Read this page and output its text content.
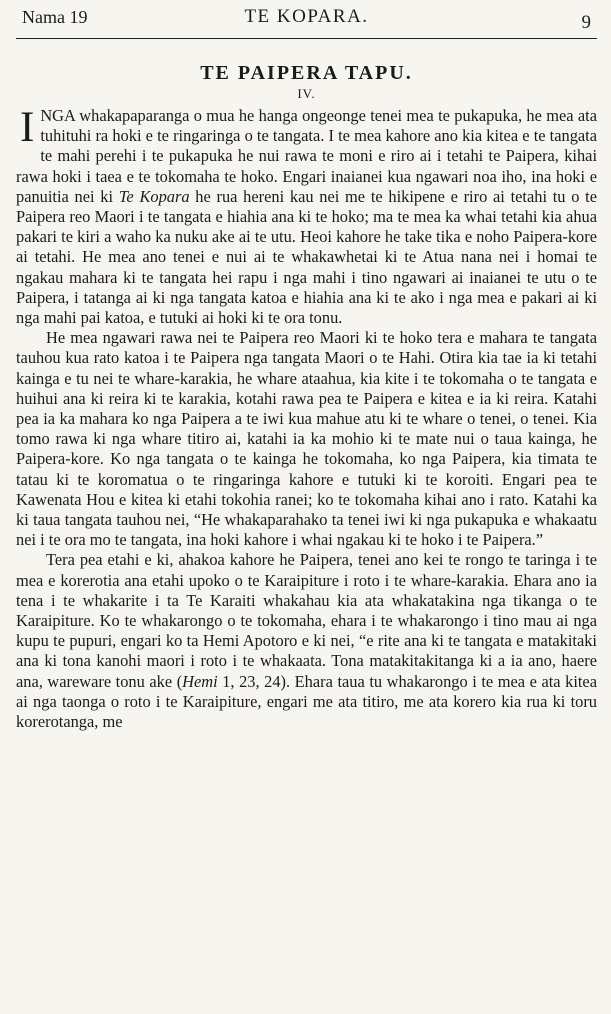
Nama 19	TE KOPARA.	9
TE PAIPERA TAPU.
IV.

INGA whakapaparanga o mua he hanga ongeonge tenei mea te pukapuka, he mea ata tuhituhi ra hoki e te ringaringa o te tangata. I te mea kahore ano kia kitea e te tangata te mahi perehi i te pukapuka he nui rawa te moni e riro ai i tetahi te Paipera, kihai rawa hoki i taea e te tokomaha te hoko. Engari inaianei kua ngawari noa iho, ina hoki e panuitia nei ki Te Kopara he rua hereni kau nei me te hikipene e riro ai tetahi tu o te Paipera reo Maori i te tangata e hiahia ana ki te hoko; ma te mea ka whai tetahi kia ahua pakari te kiri a waho ka nuku ake ai te utu. Heoi kahore he take tika e noho Paipera-kore ai tetahi. He mea ano tenei e nui ai te whakawhetai ki te Atua nana nei i homai te ngakau mahara ki te tangata hei rapu i nga mahi i tino ngawari ai inaianei te utu o te Paipera, i tatanga ai ki nga tangata katoa e hiahia ana ki te ako i nga mea e pakari ai ki nga mahi pai katoa, e tutuki ai hoki ki te ora tonu.

He mea ngawari rawa nei te Paipera reo Maori ki te hoko tera e mahara te tangata tauhou kua rato katoa i te Paipera nga tangata Maori o te Hahi. Otira kia tae ia ki tetahi kainga e tu nei te whare-karakia, he whare ataahua, kia kite i te tokomaha o te tangata e huihui ana ki reira ki te karakia, kotahi rawa pea te Paipera e kitea e ia ki reira. Katahi pea ia ka mahara ko nga Paipera a te iwi kua mahue atu ki te whare o tenei, o tenei. Kia tomo rawa ki nga whare titiro ai, katahi ia ka mohio ki te mate nui o taua kainga, he Paipera-kore. Ko nga tangata o te kainga he tokomaha, ko nga Paipera, kia timata te tatau ki te koromatua o te ringaringa kahore e tutuki ki te koroiti. Engari pea te Kawenata Hou e kitea ki etahi tokohia ranei; ko te tokomaha kihai ano i rato. Katahi ka ki taua tangata tauhou nei, “He whakaparahako ta tenei iwi ki nga pukapuka e whakaatu nei i te ora mo te tangata, ina hoki kahore i whai ngakau ki te hoko i te Paipera.”

Tera pea etahi e ki, ahakoa kahore he Paipera, tenei ano kei te rongo te taringa i te mea e korerotia ana etahi upoko o te Karaipiture i roto i te whare-karakia. Ehara ano ia tena i te whakarite i ta Te Karaiti whakahau kia ata whakatakina nga tikanga o te Karaipiture. Ko te whakarongo o te tokomaha, ehara i te whakarongo i tino mau ai nga kupu te pupuri, engari ko ta Hemi Apotoro e ki nei, “e rite ana ki te tangata e matakitaki ana ki tona kanohi maori i roto i te whakaata. Tona matakitakitanga ki a ia ano, haere ana, wareware tonu ake (Hemi 1, 23, 24). Ehara taua tu whakarongo i te mea e ata kitea ai nga taonga o roto i te Karaipiture, engari me ata titiro, me ata korero kia rua ki toru korerotanga, me
